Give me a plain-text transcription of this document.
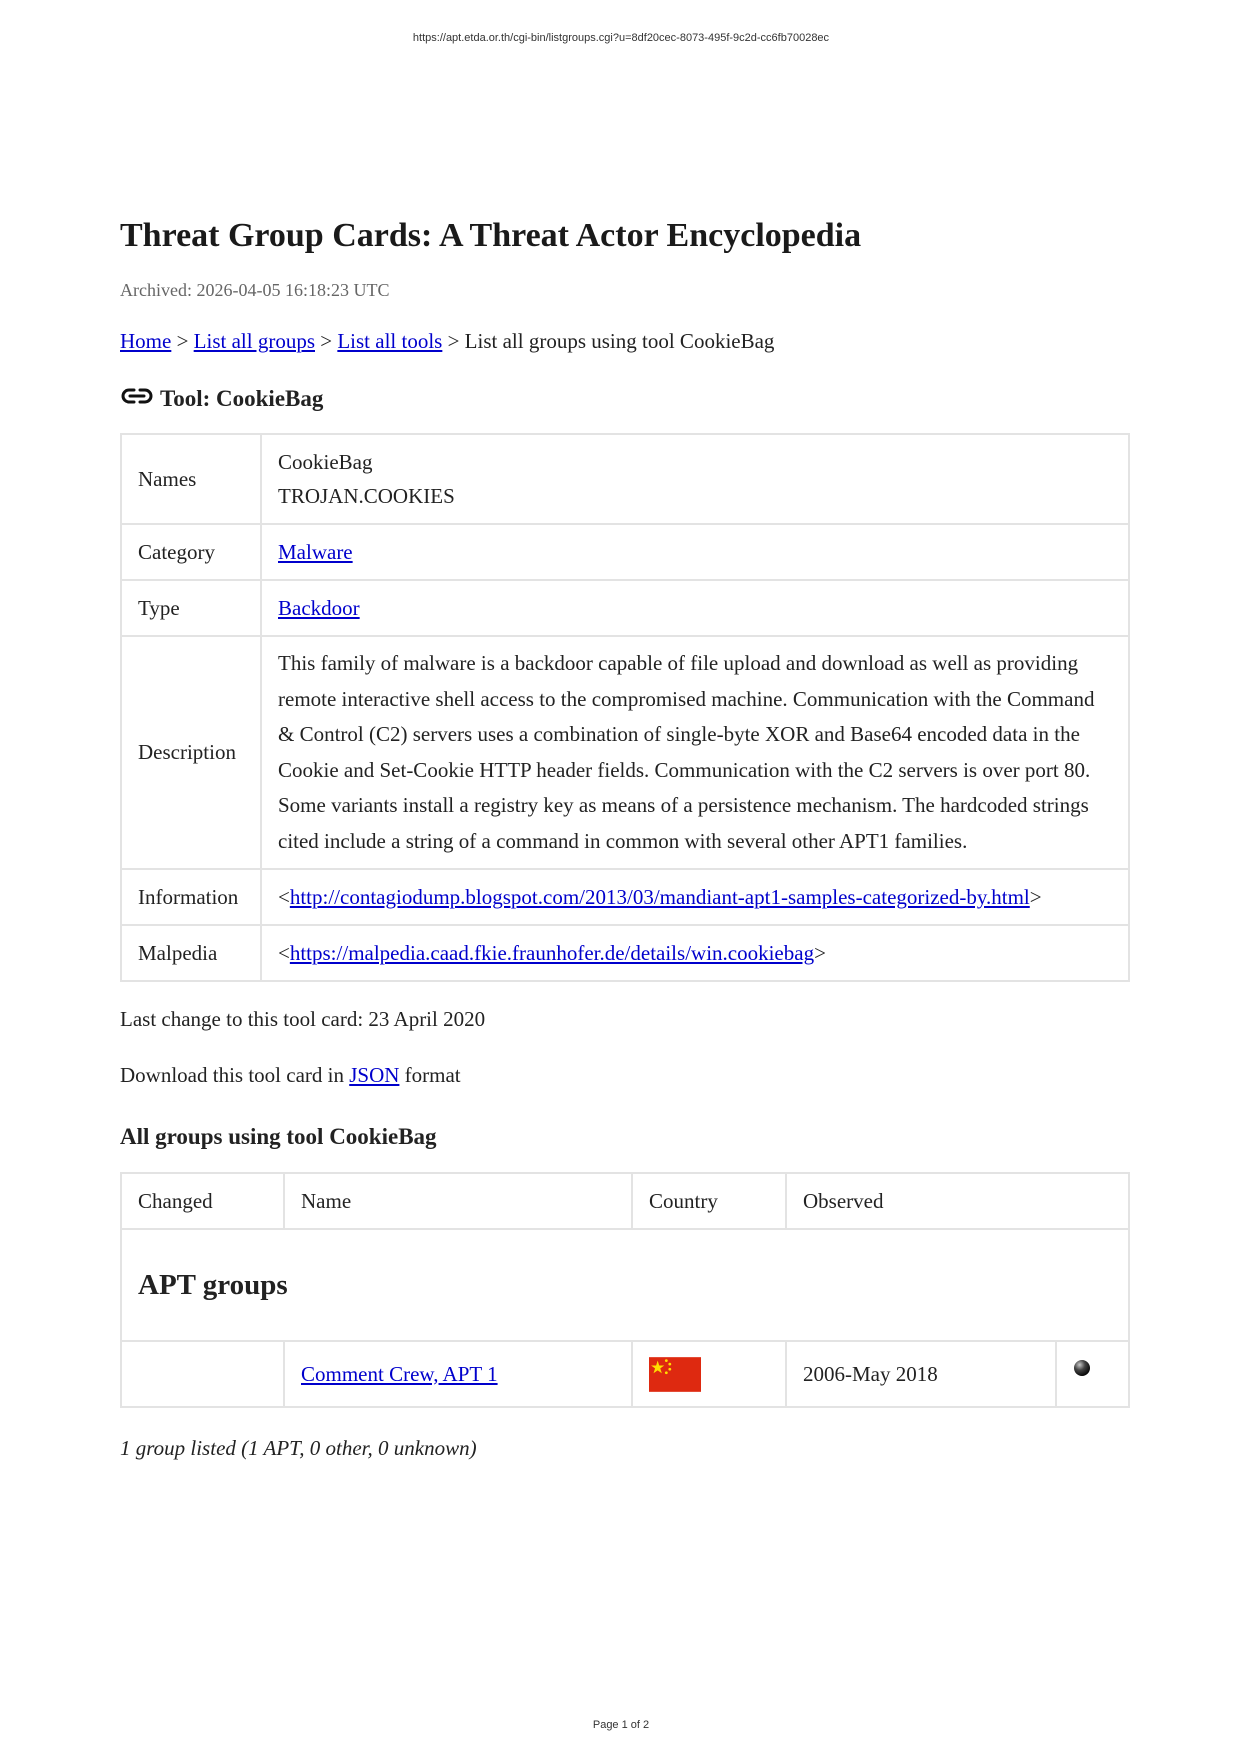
https://apt.etda.or.th/cgi-bin/listgroups.cgi?u=8df20cec-8073-495f-9c2d-cc6fb70028ec
Threat Group Cards: A Threat Actor Encyclopedia
Archived: 2026-04-05 16:18:23 UTC
Home > List all groups > List all tools > List all groups using tool CookieBag
Tool: CookieBag
Names	CookieBag
TROJAN.COOKIES

Category	Malware
Type	Backdoor
Description	This family of malware is a backdoor capable of file upload and download as well as providing remote interactive shell access to the compromised machine. Communication with the Command & Control (C2) servers uses a combination of single-byte XOR and Base64 encoded data in the Cookie and Set-Cookie HTTP header fields. Communication with the C2 servers is over port 80. Some variants install a registry key as means of a persistence mechanism. The hardcoded strings cited include a string of a command in common with several other APT1 families.
Information	<http://contagiodump.blogspot.com/2013/03/mandiant-apt1-samples-categorized-by.html>
Malpedia	<https://malpedia.caad.fkie.fraunhofer.de/details/win.cookiebag>
Last change to this tool card: 23 April 2020
Download this tool card in JSON format
All groups using tool CookieBag
Changed	Name	Country	Observed	
APT groups				
	Comment Crew, APT 1		2006-May 2018	
1 group listed (1 APT, 0 other, 0 unknown)
Page 1 of 2
